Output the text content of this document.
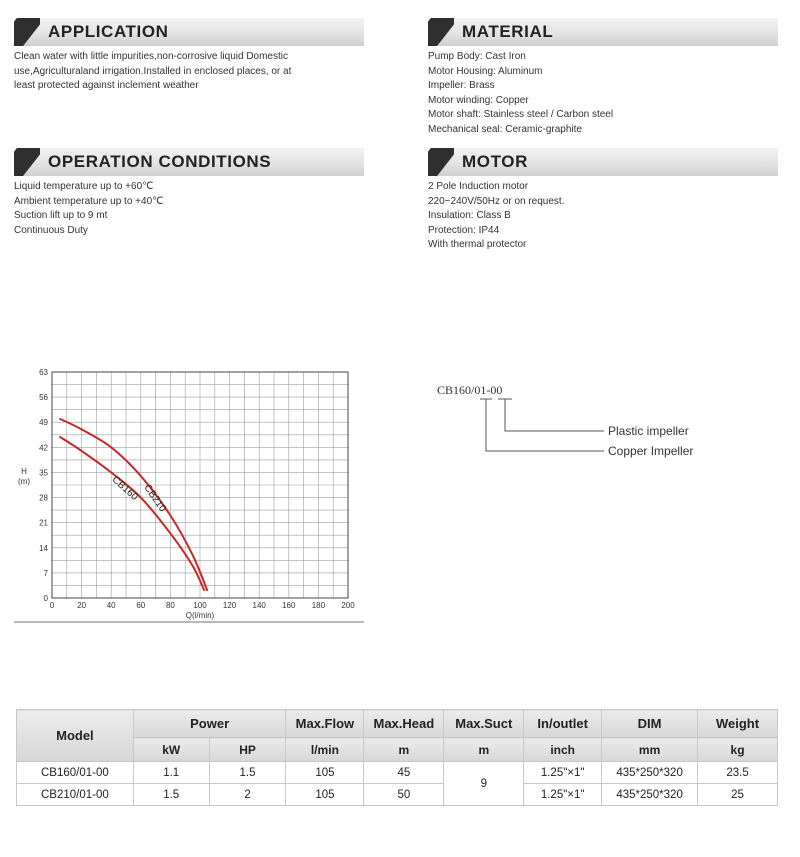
APPLICATION
Clean water with little impurities,non-corrosive liquid Domestic
use,Agriculturaland irrigation.Installed in enclosed places, or at
least protected against inclement weather
MATERIAL
Pump Body: Cast Iron
Motor Housing: Aluminum
Impeller: Brass
Motor winding: Copper
Motor shaft: Stainless steel / Carbon steel
Mechanical seal: Ceramic-graphite
OPERATION CONDITIONS
Liquid temperature up to +60℃
Ambient temperature up to +40℃
Suction lift up to 9 mt
Continuous Duty
MOTOR
2 Pole Induction motor
220~240V/50Hz or on request.
Insulation: Class B
Protection: IP44
With thermal protector
0	20	40	60	80 100 120 140 160 180 200
0
7
14
21
28
35
42
49
56
63
Q(l/min)
H
(m)
CB210
CB160
CB160/01-00
Plastic impeller
Copper Impeller
Model	Power		Max.Flow	Max.Head	Max.Suct	In/outlet	DIM	Weight
	kW	HP	l/min	m	m	inch	mm	kg
CB160/01-00	1.1	1.5	105	45	9	1.25"×1"	435*250*320	23.5
CB210/01-00	1.5	2	105	50		1.25"×1"	435*250*320	25
